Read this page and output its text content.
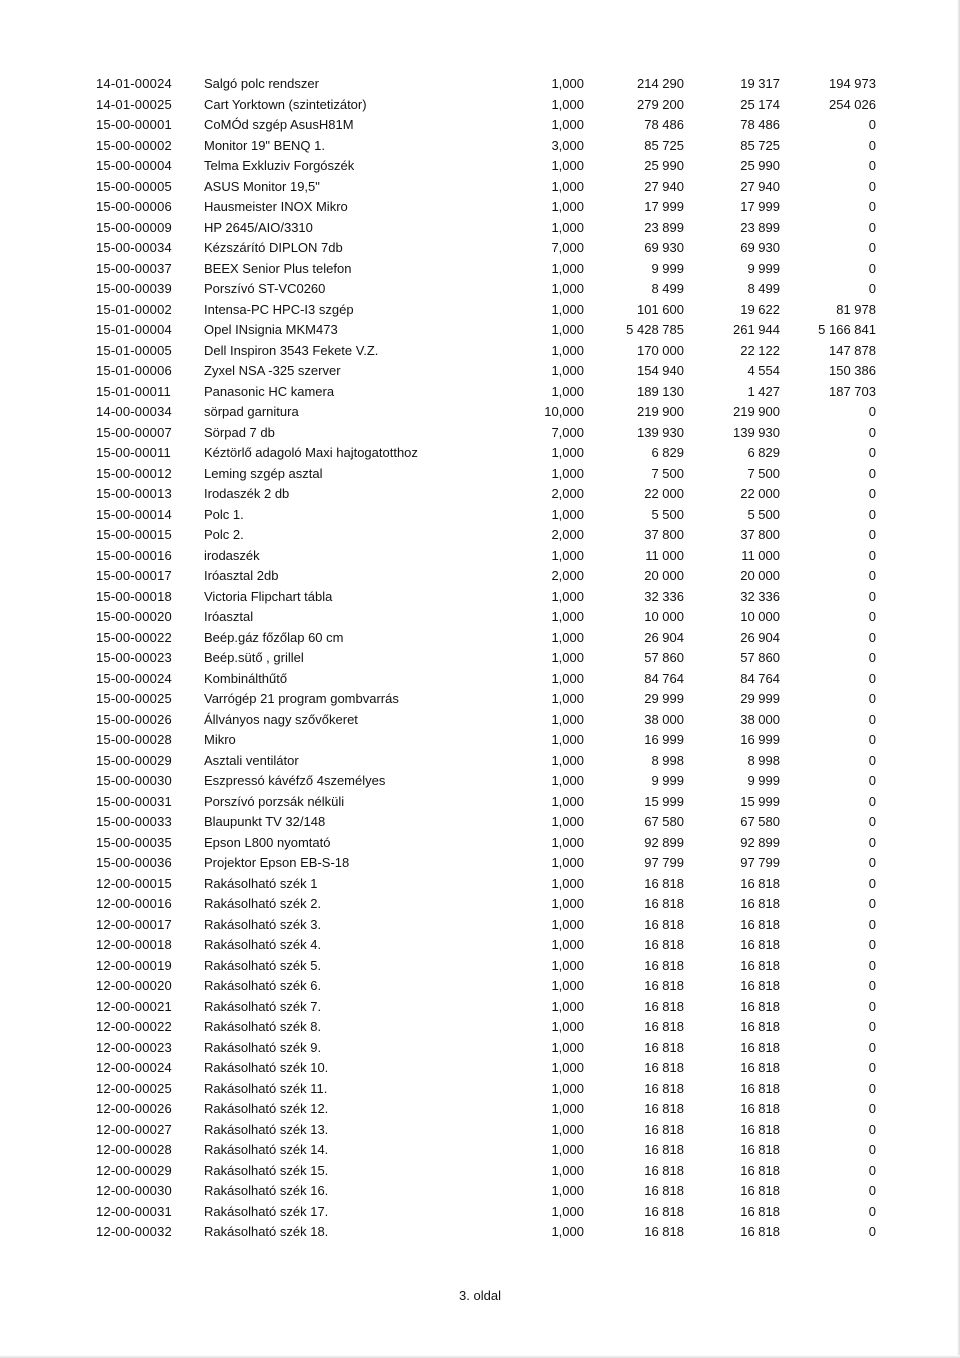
14-01-00024	Salgó polc rendszer	1,000	214 290	19 317	194 973
14-01-00025	Cart Yorktown (szintetizátor)	1,000	279 200	25 174	254 026
15-00-00001	CoMÓd szgép AsusH81M	1,000	78 486	78 486	0
15-00-00002	Monitor 19" BENQ 1.	3,000	85 725	85 725	0
15-00-00004	Telma Exkluziv Forgószék	1,000	25 990	25 990	0
15-00-00005	ASUS Monitor 19,5"	1,000	27 940	27 940	0
15-00-00006	Hausmeister INOX Mikro	1,000	17 999	17 999	0
15-00-00009	HP 2645/AIO/3310	1,000	23 899	23 899	0
15-00-00034	Kézszárító DIPLON 7db	7,000	69 930	69 930	0
15-00-00037	BEEX Senior Plus telefon	1,000	9 999	9 999	0
15-00-00039	Porszívó ST-VC0260	1,000	8 499	8 499	0
15-01-00002	Intensa-PC HPC-I3 szgép	1,000	101 600	19 622	81 978
15-01-00004	Opel INsignia MKM473	1,000	5 428 785	261 944	5 166 841
15-01-00005	Dell Inspiron 3543 Fekete V.Z.	1,000	170 000	22 122	147 878
15-01-00006	Zyxel NSA -325 szerver	1,000	154 940	4 554	150 386
15-01-00011	Panasonic HC kamera	1,000	189 130	1 427	187 703
14-00-00034	sörpad garnitura	10,000	219 900	219 900	0
15-00-00007	Sörpad 7 db	7,000	139 930	139 930	0
15-00-00011	Kéztörlő adagoló Maxi hajtogatotthoz	1,000	6 829	6 829	0
15-00-00012	Leming szgép asztal	1,000	7 500	7 500	0
15-00-00013	Irodaszék 2 db	2,000	22 000	22 000	0
15-00-00014	Polc 1.	1,000	5 500	5 500	0
15-00-00015	Polc 2.	2,000	37 800	37 800	0
15-00-00016	irodaszék	1,000	11 000	11 000	0
15-00-00017	Iróasztal 2db	2,000	20 000	20 000	0
15-00-00018	Victoria Flipchart tábla	1,000	32 336	32 336	0
15-00-00020	Iróasztal	1,000	10 000	10 000	0
15-00-00022	Beép.gáz főzőlap 60 cm	1,000	26 904	26 904	0
15-00-00023	Beép.sütő , grillel	1,000	57 860	57 860	0
15-00-00024	Kombinálthűtő	1,000	84 764	84 764	0
15-00-00025	Varrógép 21 program gombvarrás	1,000	29 999	29 999	0
15-00-00026	Állványos nagy szővőkeret	1,000	38 000	38 000	0
15-00-00028	Mikro	1,000	16 999	16 999	0
15-00-00029	Asztali ventilátor	1,000	8 998	8 998	0
15-00-00030	Eszpressó kávéfző 4személyes	1,000	9 999	9 999	0
15-00-00031	Porszívó porzsák nélküli	1,000	15 999	15 999	0
15-00-00033	Blaupunkt TV 32/148	1,000	67 580	67 580	0
15-00-00035	Epson L800 nyomtató	1,000	92 899	92 899	0
15-00-00036	Projektor Epson EB-S-18	1,000	97 799	97 799	0
12-00-00015	Rakásolható szék 1	1,000	16 818	16 818	0
12-00-00016	Rakásolható szék 2.	1,000	16 818	16 818	0
12-00-00017	Rakásolható szék 3.	1,000	16 818	16 818	0
12-00-00018	Rakásolható szék 4.	1,000	16 818	16 818	0
12-00-00019	Rakásolható szék 5.	1,000	16 818	16 818	0
12-00-00020	Rakásolható szék 6.	1,000	16 818	16 818	0
12-00-00021	Rakásolható szék 7.	1,000	16 818	16 818	0
12-00-00022	Rakásolható szék 8.	1,000	16 818	16 818	0
12-00-00023	Rakásolható szék 9.	1,000	16 818	16 818	0
12-00-00024	Rakásolható szék 10.	1,000	16 818	16 818	0
12-00-00025	Rakásolható szék 11.	1,000	16 818	16 818	0
12-00-00026	Rakásolható szék 12.	1,000	16 818	16 818	0
12-00-00027	Rakásolható szék 13.	1,000	16 818	16 818	0
12-00-00028	Rakásolható szék 14.	1,000	16 818	16 818	0
12-00-00029	Rakásolható szék 15.	1,000	16 818	16 818	0
12-00-00030	Rakásolható szék 16.	1,000	16 818	16 818	0
12-00-00031	Rakásolható szék 17.	1,000	16 818	16 818	0
12-00-00032	Rakásolható szék 18.	1,000	16 818	16 818	0
3. oldal
